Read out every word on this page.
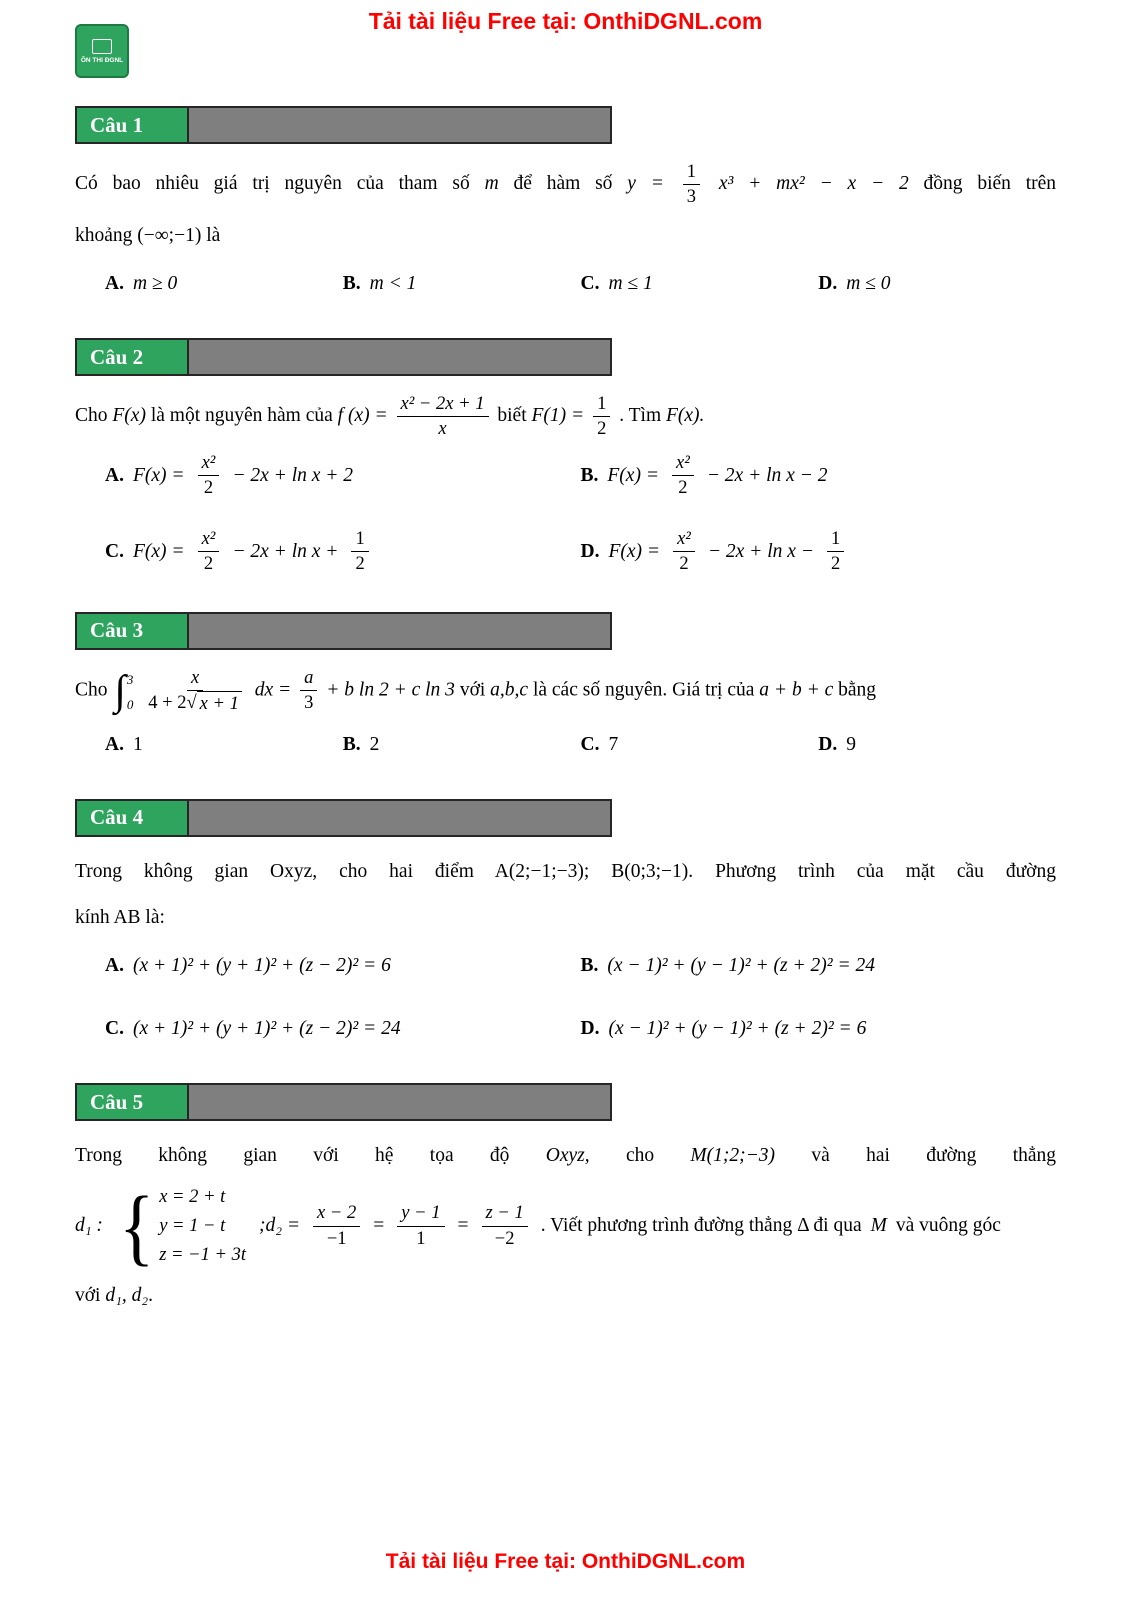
ÔN THI ĐGNL
Tải tài liệu Free tại: OnthiDGNL.com
Câu 1

Có bao nhiêu giá trị nguyên của tham số m để hàm số $y = \frac{1}{3} x^3 + mx^2 - x - 2$ đồng biến trên

khoảng (−∞;−1) là

A. m ≥ 0	B. m < 1	C. m ≤ 1	D. m ≤ 0
Câu 2

Cho F(x) là một nguyên hàm của f $(x) = \frac{\text{x² − 2x + 1}}{x}$ biết $F(1) = \frac{1}{2}$ . Tìm F(x).

A. $F(x) = \frac{\text{x²}}{2} - 2x + \ln x + 2$	B. $F(x) = \frac{\text{x²}}{2} - 2x + \ln x - 2$
C. $F(x) = \frac{\text{x²}}{2} - 2x + \ln x + \frac{1}{2}$	D. $F(x) = \frac{\text{x²}}{2} - 2x + \ln x - \frac{1}{2}$
Câu 3

Cho ∫ 3
0
$\frac{x}{4 + 2 √ x + 1}$ dx = $\frac{a}{3} + b$ ln 2 + c ln 3 với a,b,c là các số nguyên. Giá trị của a + b + c bằng

A. 1	B. 2	C. 7	D. 9
Câu 4

Trong không gian Oxyz, cho hai điểm A(2;−1;−3); B(0;3;−1). Phương trình của mặt cầu đường

kính AB là:

A. (x + 1)² + (y + 1)² + (z − 2)² = 6	B. (x − 1)² + (y − 1)² + (z + 2)² = 24
C. (x + 1)² + (y + 1)² + (z − 2)² = 24	D. (x − 1)² + (y − 1)² + (z + 2)² = 6
Câu 5

Trong không gian với hệ tọa độ Oxyz, cho M(1;2;−3) và hai đường thẳng

d₁ : { x = 2 + t
y = 1 − t
z = −1 + 3t
;d₂ = $\frac{x - 2}{-1} = \frac{y - 1}{1} = \frac{z - 1}{-2}$ . Viết phương trình đường thẳng Δ đi qua M và vuông góc

với d₁, d₂.

Tải tài liệu Free tại: OnthiDGNL.com
